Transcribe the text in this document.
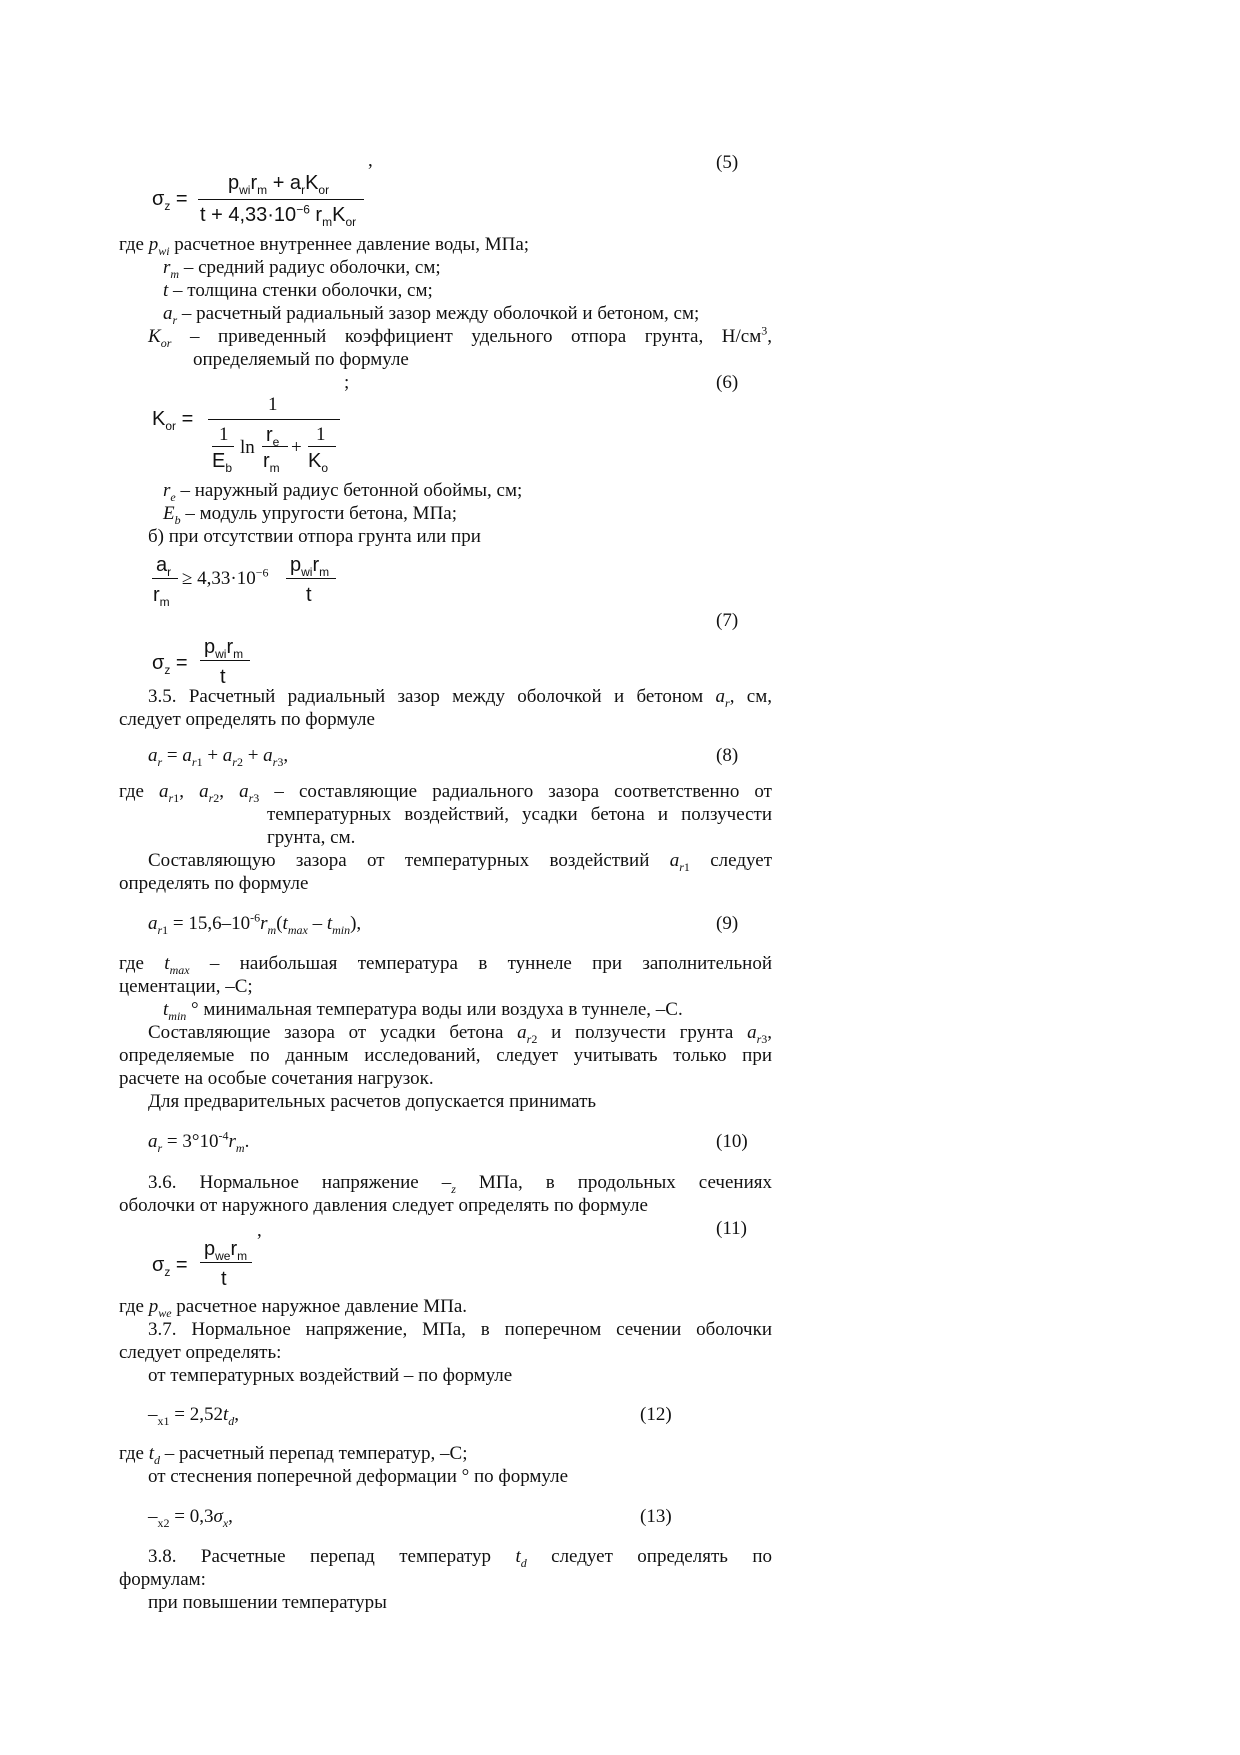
,	(5)
$\sigma_z$ =
$p_{wi}r_m + a_rK_{or}$
$t + 4,33\cdot 10^{-6}$ $r_mK_{or}$
где $p_{wi}$ расчетное внутреннее давление воды, МПа;
$r_m$ – средний радиус оболочки, см;
t – толщина стенки оболочки, см;
$a_r$ – расчетный радиальный зазор между оболочкой и бетоном, см;
$K_{or}$ – приведенный коэффициент удельного отпора грунта, $Н/см^3$,
определяемый по формуле
;	(6)
$K_{or}$ =
1
1
$E_b$
ln
$r_e$
$r_m$
+
1
$K_o$
$r_e$ – наружный радиус бетонной обоймы, см;
$E_b$ – модуль упругости бетона, МПа;
б) при отсутствии отпора грунта или при
$a_r$
$r_m$
≥ $4,33\cdot 10^{-6}$ $p_{wi}r_m$
t
(7)
$\sigma_z$ =
$p_{wi}r_m$
t
3.5. Расчетный радиальный зазор между оболочкой и бетоном $a_r$, см,
следует определять по формуле
$a_r = a_{r1} + a_{r2} + a_{r3}$,	(8)
где $a_{r1}$, $a_{r2}$, $a_{r3}$ – составляющие радиального зазора соответственно от
температурных воздействий, усадки бетона и ползучести
грунта, см.
Составляющую зазора от температурных воздействий $a_{r1}$ следует
определять по формуле
$a_{r1} = 15,6-10^{‑6}r_m(t_{max} - t_{min})$,	(9)
где $t_{max}$ – наибольшая температура в туннеле при заполнительной
цементации, –С;
$t_{min}$ ° минимальная температура воды или воздуха в туннеле, –С.
Составляющие зазора от усадки бетона $a_{r2}$ и ползучести грунта $a_{r3}$,
определяемые по данным исследований, следует учитывать только при
расчете на особые сочетания нагрузок.
Для предварительных расчетов допускается принимать
$a_r = 3^\circ 10^{‑4}r_m$.	(10)
3.6. Нормальное напряжение $-_z$ МПа, в продольных сечениях
оболочки от наружного давления следует определять по формуле
,	(11)
$\sigma_z$ =
$p_{we}r_m$
t
где $p_{we}$ расчетное наружное давление МПа.
3.7. Нормальное напряжение, МПа, в поперечном сечении оболочки
следует определять:
от температурных воздействий – по формуле
$-_{x1} = 2,52t_d$,	(12)
где $t_d$ – расчетный перепад температур, –С;
от стеснения поперечной деформации ° по формуле
$-_{x2} = 0,3\sigma_x$,	(13)
3.8. Расчетные перепад температур $t_d$ следует определять по
формулам:
при повышении температуры
